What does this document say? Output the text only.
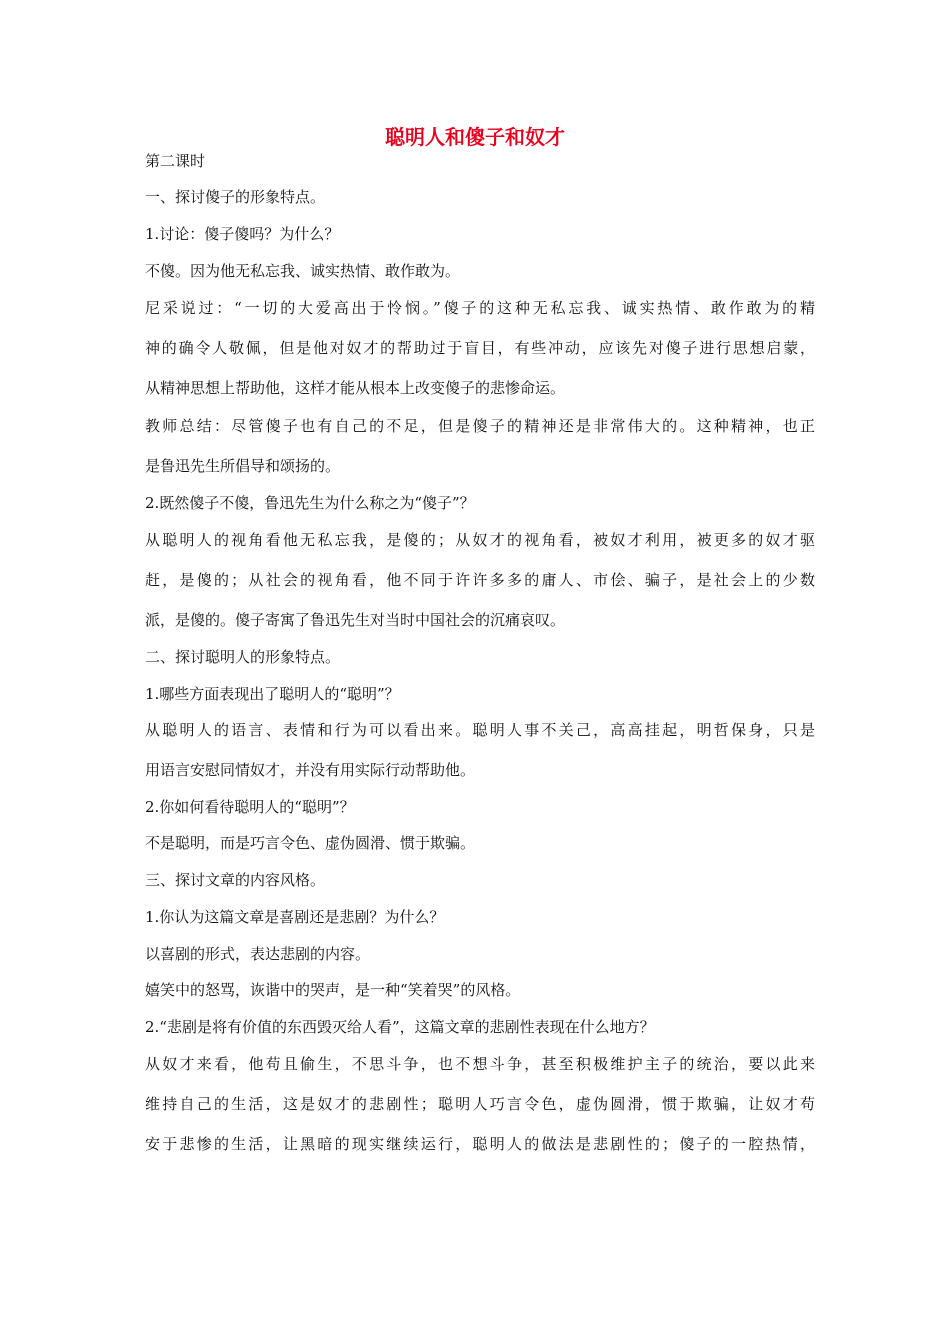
聪明人和傻子和奴才

第二课时

一、探讨傻子的形象特点。

1.讨论：傻子傻吗？为什么？

不傻。因为他无私忘我、诚实热情、敢作敢为。

尼采说过：“一切的大爱高出于怜悯。”傻子的这种无私忘我、诚实热情、敢作敢为的精

神的确令人敬佩，但是他对奴才的帮助过于盲目，有些冲动，应该先对傻子进行思想启蒙，

从精神思想上帮助他，这样才能从根本上改变傻子的悲惨命运。

教师总结：尽管傻子也有自己的不足，但是傻子的精神还是非常伟大的。这种精神，也正

是鲁迅先生所倡导和颂扬的。

2.既然傻子不傻，鲁迅先生为什么称之为“傻子”？

从聪明人的视角看他无私忘我，是傻的；从奴才的视角看，被奴才利用，被更多的奴才驱

赶，是傻的；从社会的视角看，他不同于许许多多的庸人、市侩、骗子，是社会上的少数

派，是傻的。傻子寄寓了鲁迅先生对当时中国社会的沉痛哀叹。

二、探讨聪明人的形象特点。

1.哪些方面表现出了聪明人的“聪明”？

从聪明人的语言、表情和行为可以看出来。聪明人事不关己，高高挂起，明哲保身，只是

用语言安慰同情奴才，并没有用实际行动帮助他。

2.你如何看待聪明人的“聪明”？

不是聪明，而是巧言令色、虚伪圆滑、惯于欺骗。

三、探讨文章的内容风格。

1.你认为这篇文章是喜剧还是悲剧？为什么？

以喜剧的形式，表达悲剧的内容。

嬉笑中的怒骂，诙谐中的哭声，是一种“笑着哭”的风格。

2.“悲剧是将有价值的东西毁灭给人看”，这篇文章的悲剧性表现在什么地方？

从奴才来看，他苟且偷生，不思斗争，也不想斗争，甚至积极维护主子的统治，要以此来

维持自己的生活，这是奴才的悲剧性；聪明人巧言令色，虚伪圆滑，惯于欺骗，让奴才苟

安于悲惨的生活，让黑暗的现实继续运行，聪明人的做法是悲剧性的；傻子的一腔热情，
